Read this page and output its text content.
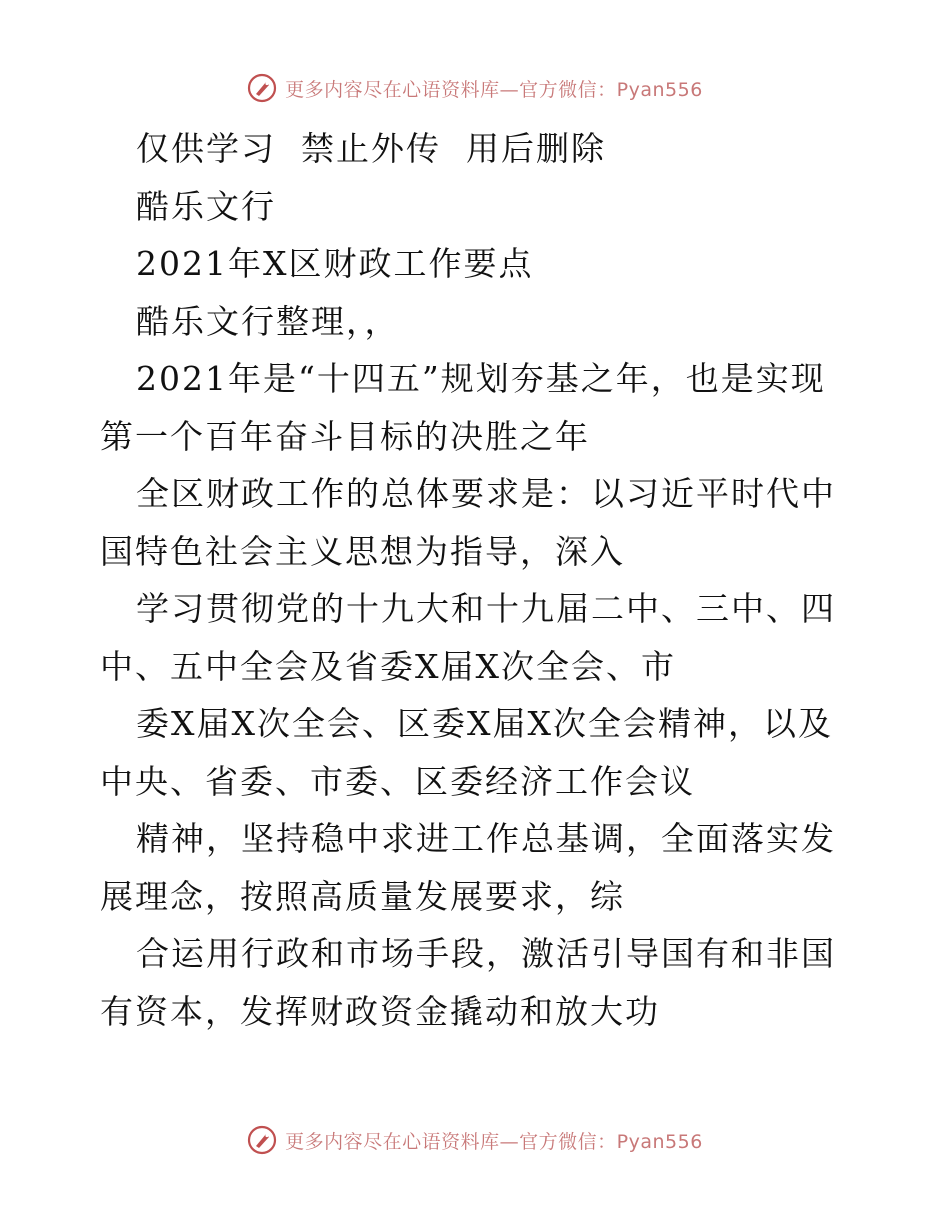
更多内容尽在心语资料库—官方微信：Pyan556

仅供学习  禁止外传  用后删除

酷乐文行

2021年X区财政工作要点

酷乐文行整理，，

2021年是“十四五”规划夯基之年，也是实现第一个百年奋斗目标的决胜之年

全区财政工作的总体要求是：以习近平时代中国特色社会主义思想为指导，深入

学习贯彻党的十九大和十九届二中、三中、四中、五中全会及省委X届X次全会、市

委X届X次全会、区委X届X次全会精神，以及中央、省委、市委、区委经济工作会议

精神，坚持稳中求进工作总基调，全面落实发展理念，按照高质量发展要求，综

合运用行政和市场手段，激活引导国有和非国有资本，发挥财政资金撬动和放大功

更多内容尽在心语资料库—官方微信：Pyan556
